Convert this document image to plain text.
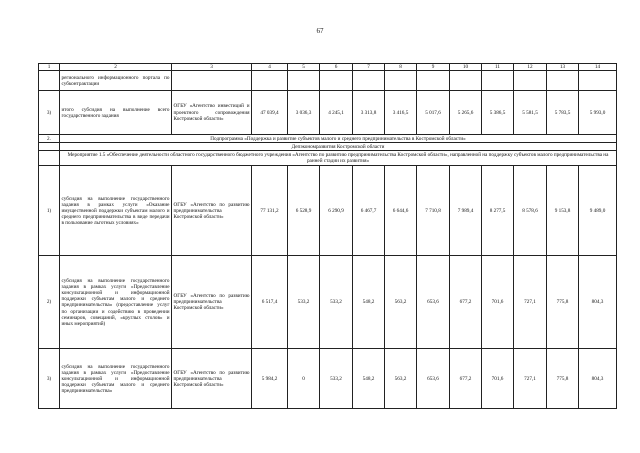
67
1	2	3	4	5	6	7	8	9	10	11	12	13	14
	регионального информационного портала по субконтрактации												
3)	итого субсидия на выполнение всего государственного задания	ОГБУ «Агентство инвестиций и проектного сопровождения Костромской области»	47 039,4	3 036,3	4 245,1	3 313,8	3 416,5	5 017,6	5 265,6	5 386,5	5 581,5	5 783,5	5 993,0
2.	Подпрограмма «Поддержка и развитие субъектов малого и среднего предпринимательства в Костромской области»												
	Депэкономразвития Костромской области												
	Мероприятие 1.5 «Обеспечение деятельности областного государственного бюджетного учреждения «Агентство по развитию предпринимательства Костромской области», направленной на поддержку субъектов малого предпринимательства на ранней стадии их развития»												
1)	субсидия на выполнение государственного задания в рамках услуги «Оказание имущественной поддержки субъектам малого и среднего предпринимательства в виде передачи в пользование льготных условиях»	ОГБУ «Агентство по развитию предпринимательства Костромской области»	77 131,2	6 528,9	6 290,9	6 467,7	6 644,6	7 710,8	7 989,4	8 277,5	8 578,6	9 153,8	9 489,0
2)	субсидия на выполнение государственного задания в рамках услуги «Предоставление консультационной и информационной поддержки субъектам малого и среднего предпринимательства» (предоставление услуг по организации и содействию в проведении семинаров, совещаний, «круглых столов» и иных мероприятий)	ОГБУ «Агентство по развитию предпринимательства Костромской области»	6 517,4	533,2	533,2	548,2	563,2	653,6	677,2	701,6	727,1	775,8	804,3
3)	субсидия на выполнение государственного задания в рамках услуги «Предоставление консультационной и информационной поддержки субъектам малого и среднего предпринимательства»	ОГБУ «Агентство по развитию предпринимательства Костромской области»	5 984,2	0	533,2	548,2	563,2	653,6	677,2	701,6	727,1	775,8	804,3
